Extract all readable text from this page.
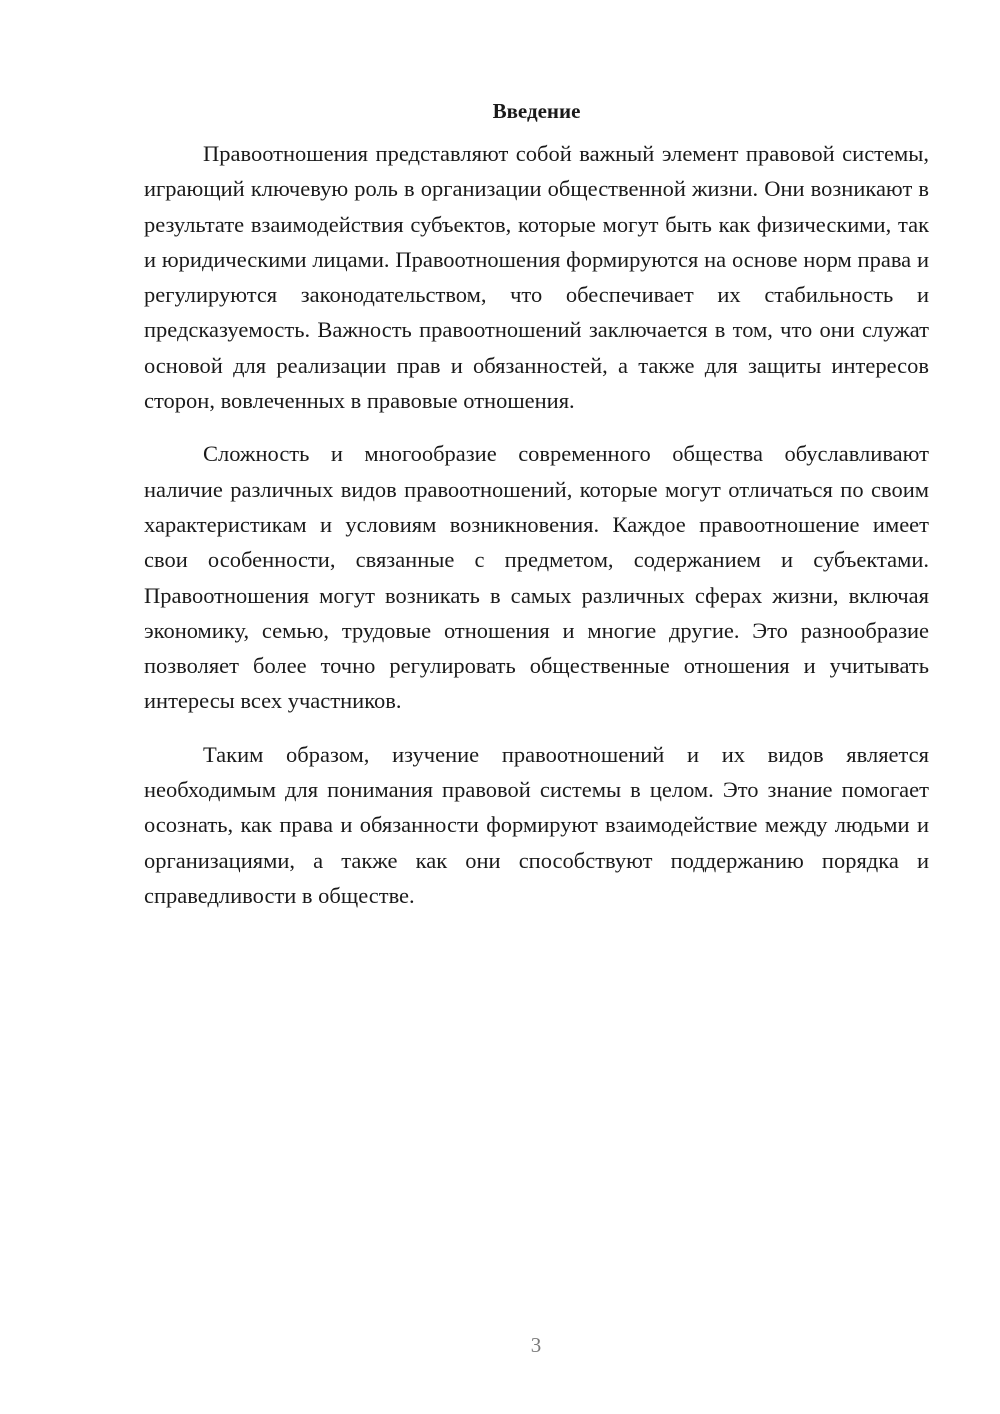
Введение

Правоотношения представляют собой важный элемент правовой системы, играющий ключевую роль в организации общественной жизни. Они возникают в результате взаимодействия субъектов, которые могут быть как физическими, так и юридическими лицами. Правоотношения формируются на основе норм права и регулируются законодательством, что обеспечивает их стабильность и предсказуемость. Важность правоотношений заключается в том, что они служат основой для реализации прав и обязанностей, а также для защиты интересов сторон, вовлеченных в правовые отношения.

Сложность и многообразие современного общества обуславливают наличие различных видов правоотношений, которые могут отличаться по своим характеристикам и условиям возникновения. Каждое правоотношение имеет свои особенности, связанные с предметом, содержанием и субъектами. Правоотношения могут возникать в самых различных сферах жизни, включая экономику, семью, трудовые отношения и многие другие. Это разнообразие позволяет более точно регулировать общественные отношения и учитывать интересы всех участников.

Таким образом, изучение правоотношений и их видов является необходимым для понимания правовой системы в целом. Это знание помогает осознать, как права и обязанности формируют взаимодействие между людьми и организациями, а также как они способствуют поддержанию порядка и справедливости в обществе.

3
